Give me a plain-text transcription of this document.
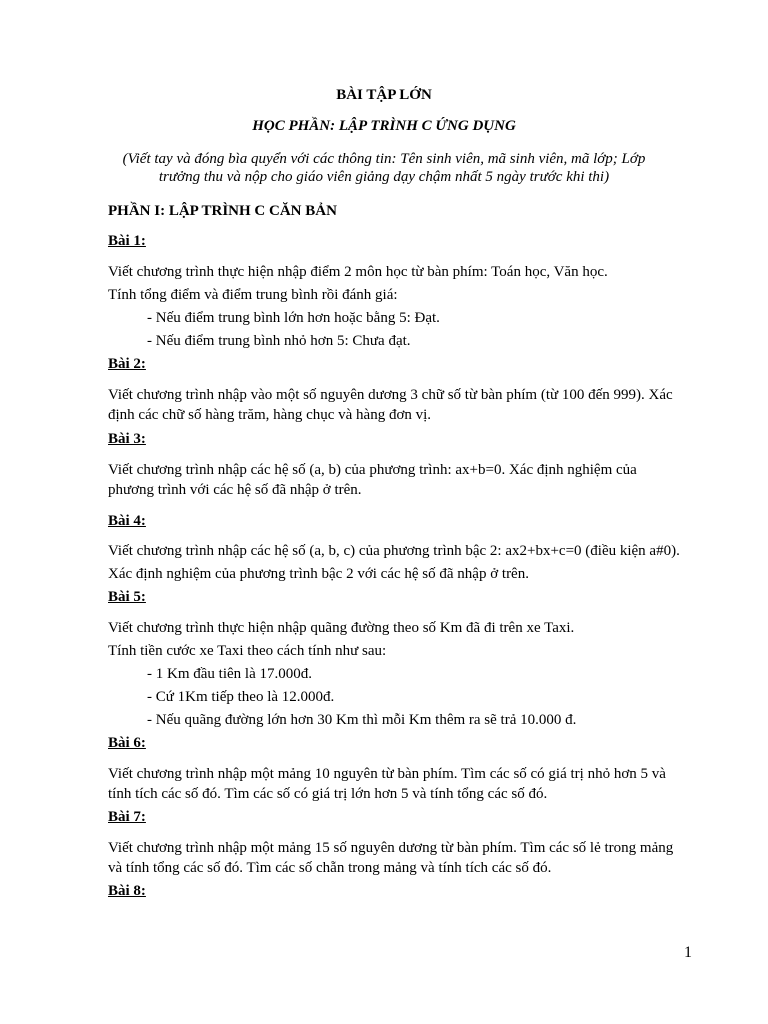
BÀI TẬP LỚN
HỌC PHẦN: LẬP TRÌNH C ỨNG DỤNG
(Viết tay và đóng bìa quyển với các thông tin: Tên sinh viên, mã sinh viên, mã lớp; Lớp
trưởng thu và nộp cho giáo viên giảng dạy chậm nhất 5 ngày trước khi thi)
PHẦN I: LẬP TRÌNH C CĂN BẢN
Bài 1:
Viết chương trình thực hiện nhập điểm 2 môn học từ bàn phím: Toán học, Văn học.
Tính tổng điểm và điểm trung bình rồi đánh giá:
- Nếu điểm trung bình lớn hơn hoặc bằng 5: Đạt.
- Nếu điểm trung bình nhỏ hơn 5: Chưa đạt.
Bài 2:
Viết chương trình nhập vào một số nguyên dương 3 chữ số từ bàn phím (từ 100 đến 999). Xác
định các chữ số hàng trăm, hàng chục và hàng đơn vị.
Bài 3:
Viết chương trình nhập các hệ số (a, b) của phương trình: ax+b=0. Xác định nghiệm của
phương trình với các hệ số đã nhập ở trên.
Bài 4:
Viết chương trình nhập các hệ số (a, b, c) của phương trình bậc 2: ax2+bx+c=0 (điều kiện a#0).
Xác định nghiệm của phương trình bậc 2 với các hệ số đã nhập ở trên.
Bài 5:
Viết chương trình thực hiện nhập quãng đường theo số Km đã đi trên xe Taxi.
Tính tiền cước xe Taxi theo cách tính như sau:
- 1 Km đầu tiên là 17.000đ.
- Cứ 1Km tiếp theo là 12.000đ.
- Nếu quãng đường lớn hơn 30 Km thì mỗi Km thêm ra sẽ trả 10.000 đ.
Bài 6:
Viết chương trình nhập một mảng 10 nguyên từ bàn phím. Tìm các số có giá trị nhỏ hơn 5 và
tính tích các số đó. Tìm các số có giá trị lớn hơn 5 và tính tổng các số đó.
Bài 7:
Viết chương trình nhập một mảng 15 số nguyên dương từ bàn phím. Tìm các số lẻ trong mảng
và tính tổng các số đó. Tìm các số chẵn trong mảng và tính tích các số đó.
Bài 8:
1
